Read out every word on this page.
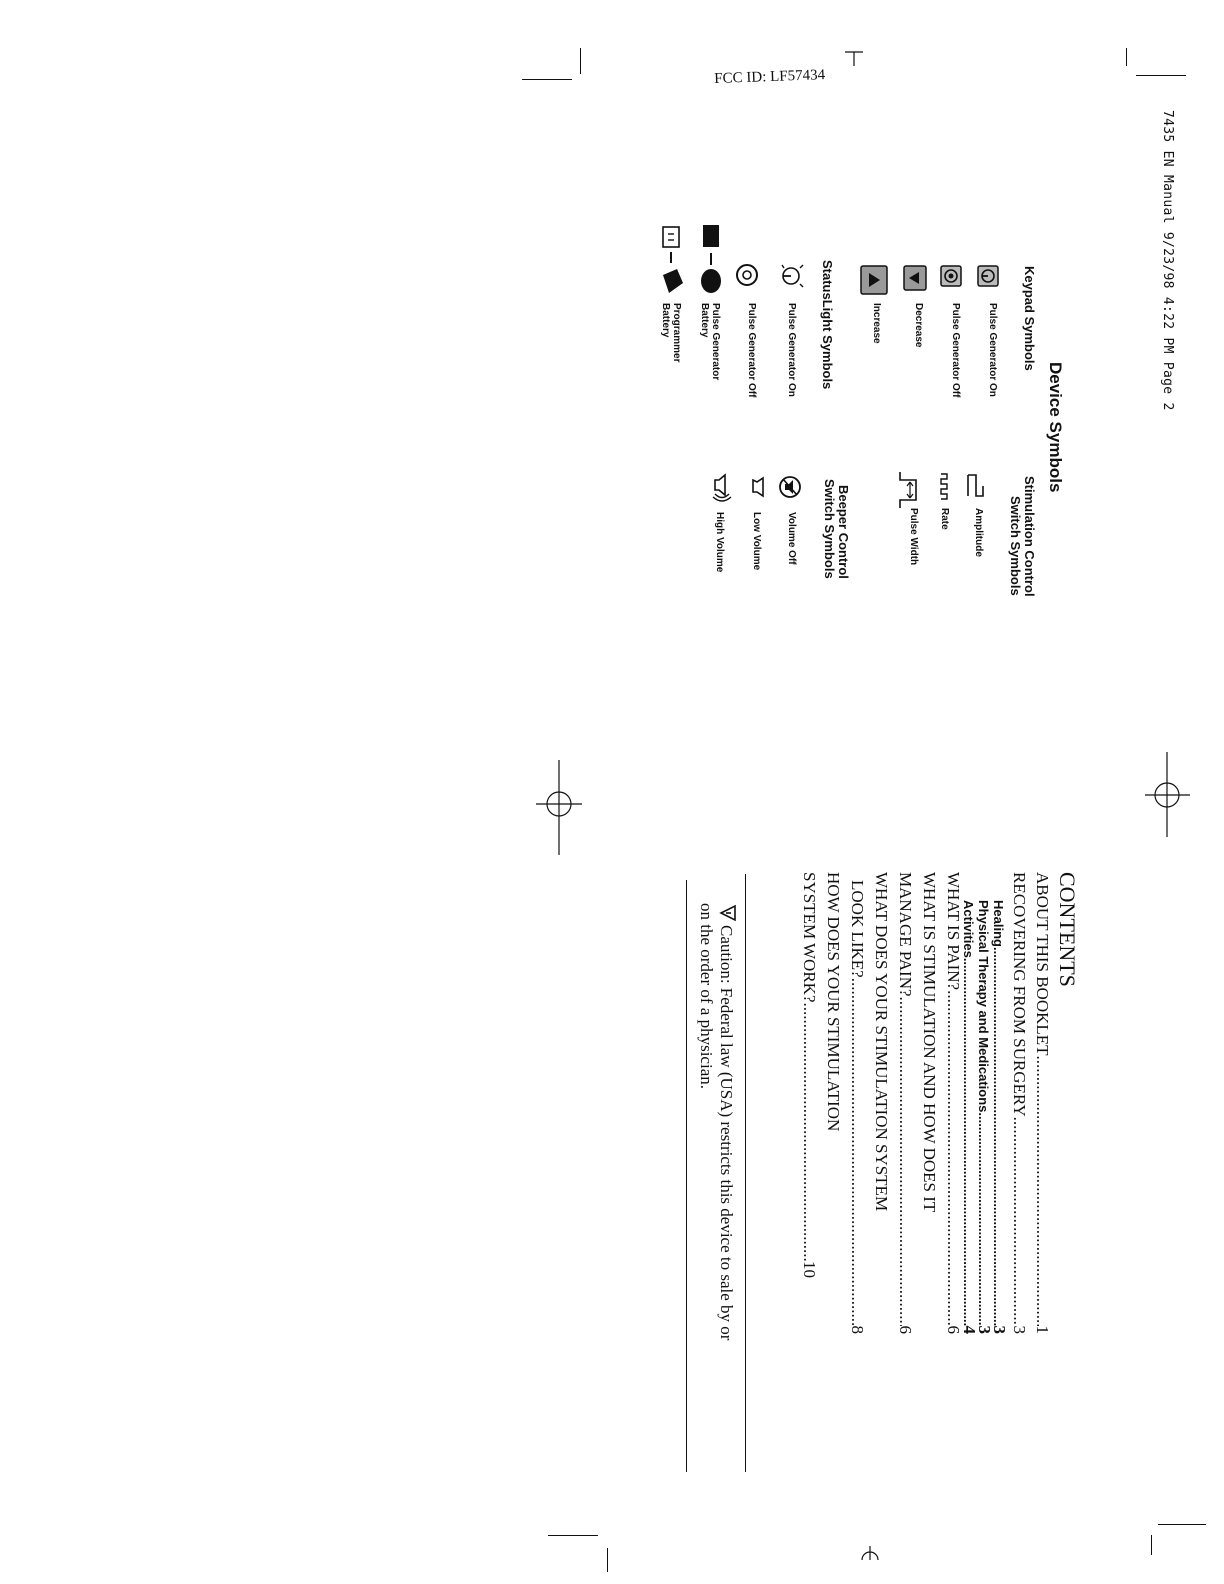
FCC ID: LF57434
7435 EN Manual 9/23/98 4:22 PM Page 2
Device Symbols
Keypad Symbols
Pulse Generator On
Pulse Generator Off
Decrease
Increase
StatusLight Symbols
Pulse Generator On
Pulse Generator Off
Pulse Generator
Battery
Programmer
Battery
Stimulation Control
Switch Symbols
Amplitude
Rate
Pulse Width
Beeper Control
Switch Symbols
Volume Off
Low Volume
High Volume
CONTENTS
ABOUT THIS BOOKLET
.....
1
RECOVERING FROM SURGERY
.....
3
Healing
.....
3
Physical Therapy and Medications
.....
3
Activities
.....
4
WHAT IS PAIN?
.....
6
WHAT IS STIMULATION AND HOW DOES IT
MANAGE PAIN?
.....
6
WHAT DOES YOUR STIMULATION SYSTEM
LOOK LIKE?
.....
8
HOW DOES YOUR STIMULATION
SYSTEM WORK?
.....
10
Caution: Federal law (USA) restricts this device to sale by or
on the order of a physician.
